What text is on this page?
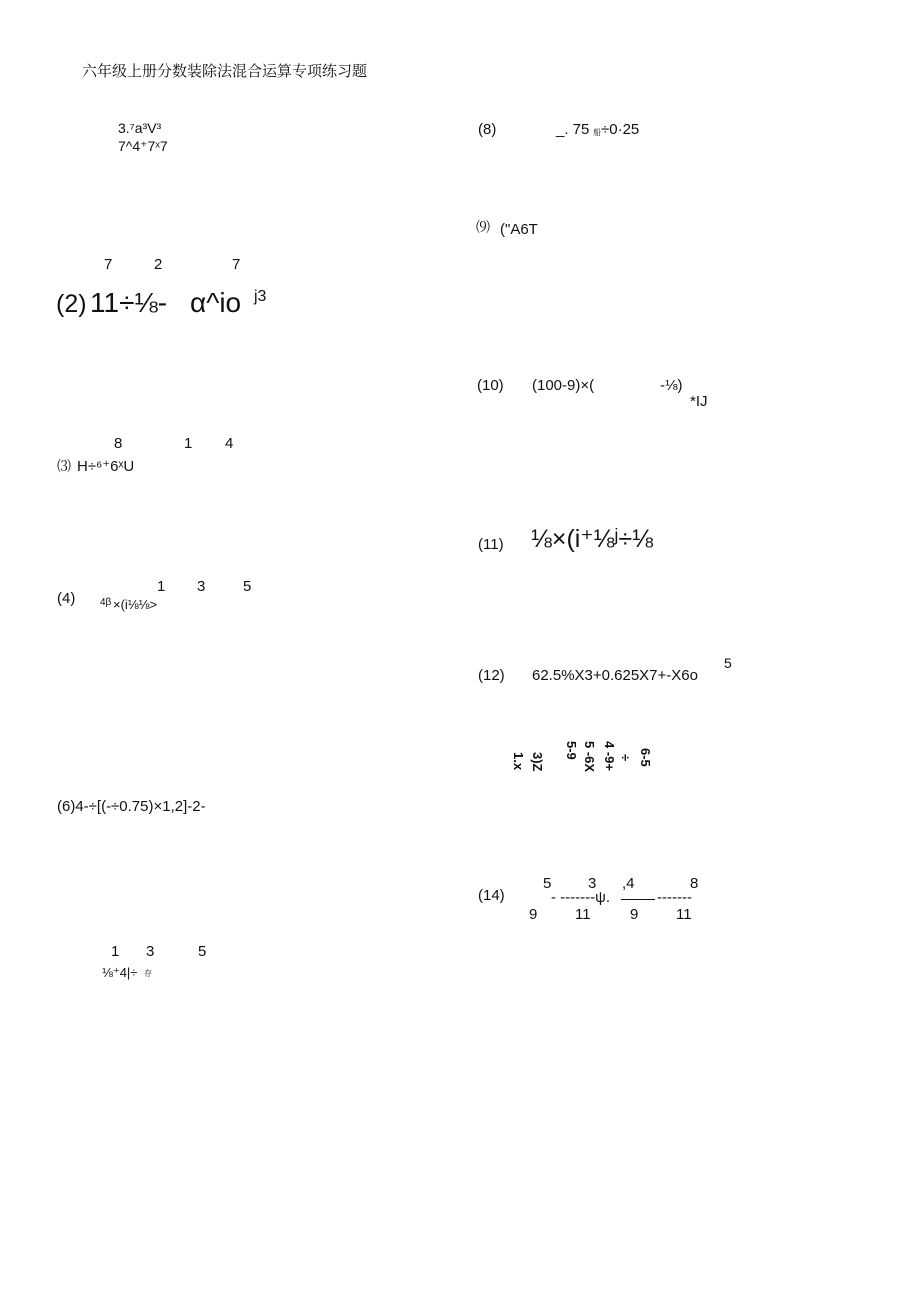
六年级上册分数装除法混合运算专项练习题
3.⁷a³V³
7^4⁺7ˣ7
7	2	7
(2) 11÷⅛- α^io j3
8	1 4
⑶ H÷⁶⁺6ˣU
1 3	5
(4) 4β ×(i⅛⅛>
(6)4-÷[(-÷0.75)×1,2]-2-
1 3	5
⅛⁺4|÷ 存
(8)	_. 75 船 ÷0·25
⑼ ("A6T
(10) (100-9)×(	-⅛)
*IJ
(11) ⅛×(i⁺⅛ʲ÷⅛
(12) 62.5%X3+0.625X7+-X6o
5
1.x 3)Z
5-9 5 -6X 4 -9+ ÷ 6-5
(14)
5 3 ,4	8
- -------ψ.	-------
9	11	9	11
